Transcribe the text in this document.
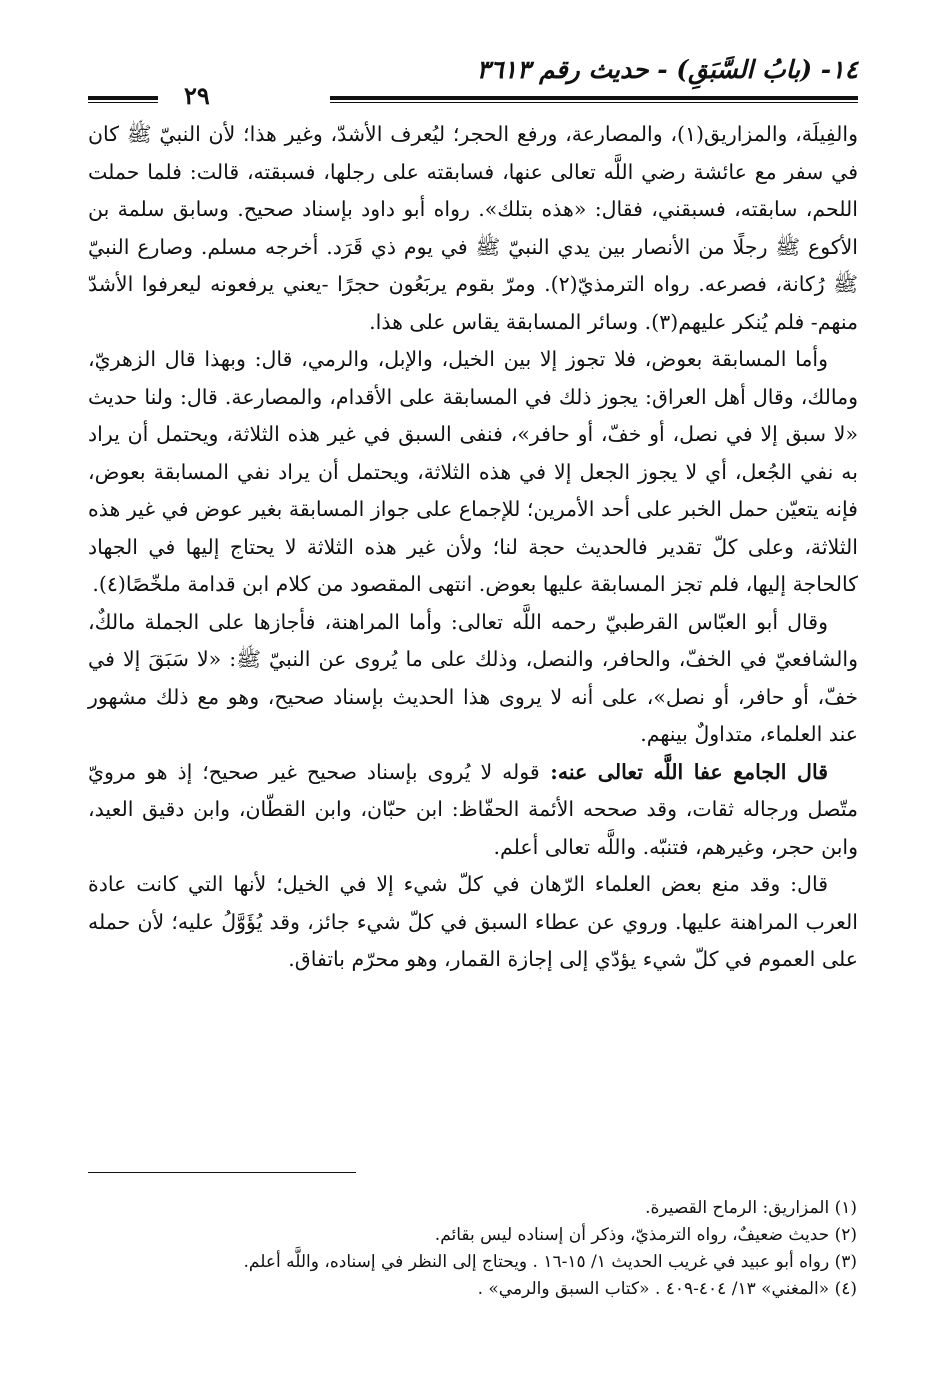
١٤- (بابُ السَّبَقِ) - حديث رقم ٣٦١٣
٢٩

والفِيلَة، والمزاريق(١)، والمصارعة، ورفع الحجر؛ ليُعرف الأشدّ، وغير هذا؛ لأن النبيّ ﷺ كان في سفر مع عائشة رضي اللَّه تعالى عنها، فسابقته على رجلها، فسبقته، قالت: فلما حملت اللحم، سابقته، فسبقني، فقال: «هذه بتلك». رواه أبو داود بإسناد صحيح. وسابق سلمة بن الأكوع ﷺ رجلًا من الأنصار بين يدي النبيّ ﷺ في يوم ذي قَرَد. أخرجه مسلم. وصارع النبيّ ﷺ رُكانة، فصرعه. رواه الترمذيّ(٢). ومرّ بقوم يربَعُون حجرًا -يعني يرفعونه ليعرفوا الأشدّ منهم- فلم يُنكر عليهم(٣). وسائر المسابقة يقاس على هذا.

وأما المسابقة بعوض، فلا تجوز إلا بين الخيل، والإبل، والرمي، قال: وبهذا قال الزهريّ، ومالك، وقال أهل العراق: يجوز ذلك في المسابقة على الأقدام، والمصارعة. قال: ولنا حديث «لا سبق إلا في نصل، أو خفّ، أو حافر»، فنفى السبق في غير هذه الثلاثة، ويحتمل أن يراد به نفي الجُعل، أي لا يجوز الجعل إلا في هذه الثلاثة، ويحتمل أن يراد نفي المسابقة بعوض، فإنه يتعيّن حمل الخبر على أحد الأمرين؛ للإجماع على جواز المسابقة بغير عوض في غير هذه الثلاثة، وعلى كلّ تقدير فالحديث حجة لنا؛ ولأن غير هذه الثلاثة لا يحتاج إليها في الجهاد كالحاجة إليها، فلم تجز المسابقة عليها بعوض. انتهى المقصود من كلام ابن قدامة ملخّصًا(٤).

وقال أبو العبّاس القرطبيّ رحمه اللَّه تعالى: وأما المراهنة، فأجازها على الجملة مالكٌ، والشافعيّ في الخفّ، والحافر، والنصل، وذلك على ما يُروى عن النبيّ ﷺ: «لا سَبَقَ إلا في خفّ، أو حافر، أو نصل»، على أنه لا يروى هذا الحديث بإسناد صحيح، وهو مع ذلك مشهور عند العلماء، متداولٌ بينهم.

قال الجامع عفا اللَّه تعالى عنه: قوله لا يُروى بإسناد صحيح غير صحيح؛ إذ هو مرويّ متّصل ورجاله ثقات، وقد صححه الأئمة الحفّاظ: ابن حبّان، وابن القطّان، وابن دقيق العيد، وابن حجر، وغيرهم، فتنبّه. واللَّه تعالى أعلم.

قال: وقد منع بعض العلماء الرّهان في كلّ شيء إلا في الخيل؛ لأنها التي كانت عادة العرب المراهنة عليها. وروي عن عطاء السبق في كلّ شيء جائز، وقد يُؤَوَّلُ عليه؛ لأن حمله على العموم في كلّ شيء يؤدّي إلى إجازة القمار، وهو محرّم باتفاق.

(١) المزاريق: الرماح القصيرة.

(٢) حديث ضعيفٌ، رواه الترمذيّ، وذكر أن إسناده ليس بقائم.

(٣) رواه أبو عبيد في غريب الحديث ١/ ١٥-١٦ . ويحتاج إلى النظر في إسناده، واللَّه أعلم.

(٤) «المغني» ١٣/ ٤٠٤-٤٠٩ . «كتاب السبق والرمي» .
